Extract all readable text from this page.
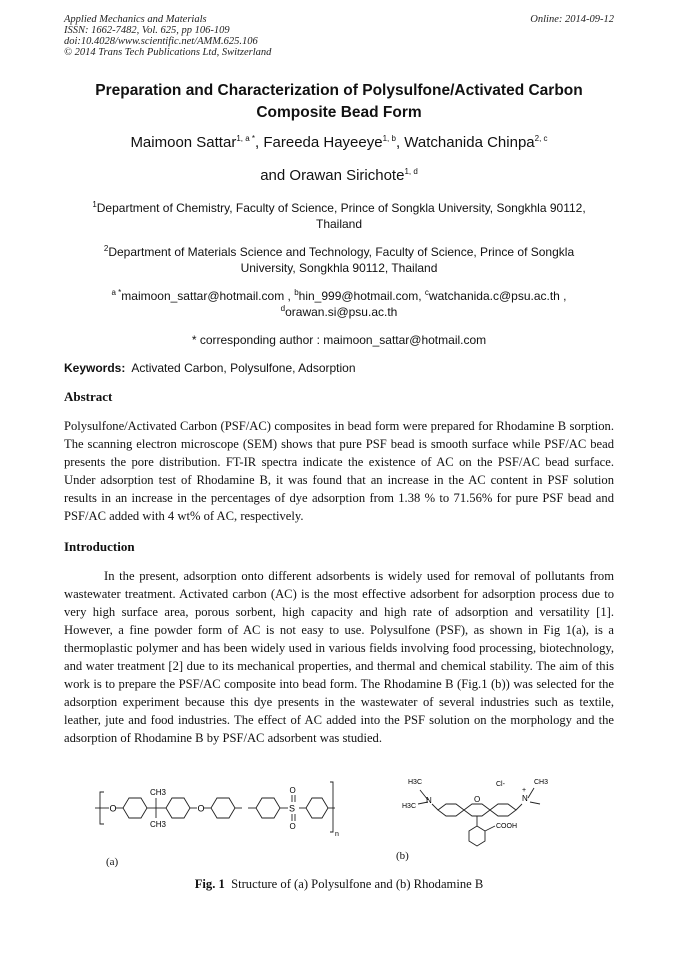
Applied Mechanics and Materials
ISSN: 1662-7482, Vol. 625, pp 106-109
doi:10.4028/www.scientific.net/AMM.625.106
© 2014 Trans Tech Publications Ltd, Switzerland
Online: 2014-09-12
Preparation and Characterization of Polysulfone/Activated Carbon
Composite Bead Form
Maimoon Sattar$^{1, a *}$, Fareeda Hayeeye$^{1, b}$, Watchanida Chinpa$^{2, c}$
and Orawan Sirichote$^{1, d}$
$^1$Department of Chemistry, Faculty of Science, Prince of Songkla University, Songkhla 90112,
Thailand
$^2$Department of Materials Science and Technology, Faculty of Science, Prince of Songkla
University, Songkhla 90112, Thailand
$^{a *}$maimoon_sattar@hotmail.com , $^b$hin_999@hotmail.com, $^c$watchanida.c@psu.ac.th ,
$^d$orawan.si@psu.ac.th
* corresponding author : maimoon_sattar@hotmail.com
Keywords: Activated Carbon, Polysulfone, Adsorption
Abstract
Polysulfone/Activated Carbon (PSF/AC) composites in bead form were prepared for Rhodamine B sorption. The scanning electron microscope (SEM) shows that pure PSF bead is smooth surface while PSF/AC bead presents the pore distribution. FT-IR spectra indicate the existence of AC on the PSF/AC bead surface. Under adsorption test of Rhodamine B, it was found that an increase in the AC content in PSF solution results in an increase in the percentages of dye adsorption from 1.38 % to 71.56% for pure PSF bead and PSF/AC added with 4 wt% of AC, respectively.
Introduction
In the present, adsorption onto different adsorbents is widely used for removal of pollutants from wastewater treatment. Activated carbon (AC) is the most effective adsorbent for adsorption process due to very high surface area, porous sorbent, high capacity and high rate of adsorption and versatility [1]. However, a fine powder form of AC is not easy to use. Polysulfone (PSF), as shown in Fig 1(a), is a thermoplastic polymer and has been widely used in various fields involving food processing, biotechnology, and water treatment [2] due to its mechanical properties, and thermal and chemical stability. The aim of this work is to prepare the PSF/AC composite into bead form. The Rhodamine B (Fig.1 (b)) was selected for the adsorption experiment because this dye presents in the wastewater of several industries such as textile, leather, jute and food industries. The effect of AC added into the PSF solution on the morphology and the adsorption of Rhodamine B by PSF/AC adsorbent was studied.
O
CH3
CH3
O	S
O
O
n
H3C
H3C
N	O
Cl-
N
+
CH3
COOH
(a)	(b)
Fig. 1 Structure of (a) Polysulfone and (b) Rhodamine B
